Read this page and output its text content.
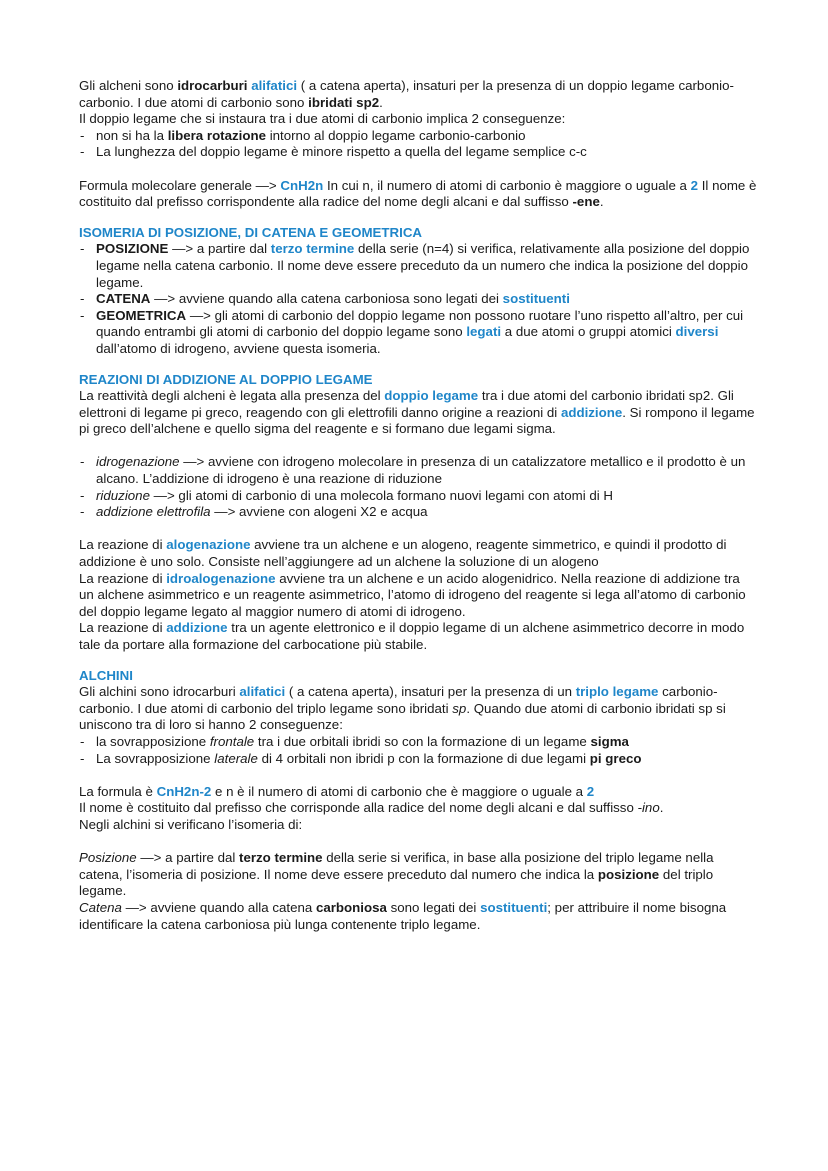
Gli alcheni sono idrocarburi alifatici ( a catena aperta), insaturi per la presenza di un doppio legame carbonio-carbonio. I due atomi di carbonio sono ibridati sp2.

Il doppio legame che si instaura tra i due atomi di carbonio implica 2 conseguenze:

- non si ha la libera rotazione intorno al doppio legame carbonio-carbonio
- La lunghezza del doppio legame è minore rispetto a quella del legame semplice c-c

Formula molecolare generale —> CnH2n In cui n, il numero di atomi di carbonio è maggiore o uguale a 2 Il nome è costituito dal prefisso corrispondente alla radice del nome degli alcani e dal suffisso -ene.

ISOMERIA DI POSIZIONE, DI CATENA E GEOMETRICA

- POSIZIONE —> a partire dal terzo termine della serie (n=4) si verifica, relativamente alla posizione del doppio legame nella catena carbonio. Il nome deve essere preceduto da un numero che indica la posizione del doppio legame.
- CATENA —> avviene quando alla catena carboniosa sono legati dei sostituenti
- GEOMETRICA —> gli atomi di carbonio del doppio legame non possono ruotare l’uno rispetto all’altro, per cui quando entrambi gli atomi di carbonio del doppio legame sono legati a due atomi o gruppi atomici diversi dall’atomo di idrogeno, avviene questa isomeria.

REAZIONI DI ADDIZIONE AL DOPPIO LEGAME

La reattività degli alcheni è legata alla presenza del doppio legame tra i due atomi del carbonio ibridati sp2. Gli elettroni di legame pi greco, reagendo con gli elettrofili danno origine a reazioni di addizione. Si rompono il legame pi greco dell’alchene e quello sigma del reagente e si formano due legami sigma.

- idrogenazione —> avviene con idrogeno molecolare in presenza di un catalizzatore metallico e il prodotto è un alcano. L’addizione di idrogeno è una reazione di riduzione
- riduzione —> gli atomi di carbonio di una molecola formano nuovi legami con atomi di H
- addizione elettrofila —> avviene con alogeni X2 e acqua

La reazione di alogenazione avviene tra un alchene e un alogeno, reagente simmetrico, e quindi il prodotto di addizione è uno solo. Consiste nell’aggiungere ad un alchene la soluzione di un alogeno

La reazione di idroalogenazione avviene tra un alchene e un acido alogenidrico. Nella reazione di addizione tra un alchene asimmetrico e un reagente asimmetrico, l’atomo di idrogeno del reagente si lega all’atomo di carbonio del doppio legame legato al maggior numero di atomi di idrogeno.

La reazione di addizione tra un agente elettronico e il doppio legame di un alchene asimmetrico decorre in modo tale da portare alla formazione del carbocatione più stabile.

ALCHINI

Gli alchini sono idrocarburi alifatici ( a catena aperta), insaturi per la presenza di un triplo legame carbonio-carbonio. I due atomi di carbonio del triplo legame sono ibridati sp. Quando due atomi di carbonio ibridati sp si uniscono tra di loro si hanno 2 conseguenze:

- la sovrapposizione frontale tra i due orbitali ibridi so con la formazione di un legame sigma
- La sovrapposizione laterale di 4 orbitali non ibridi p con la formazione di due legami pi greco

La formula è CnH2n-2 e n è il numero di atomi di carbonio che è maggiore o uguale a 2

Il nome è costituito dal prefisso che corrisponde alla radice del nome degli alcani e dal suffisso -ino.

Negli alchini si verificano l’isomeria di:

Posizione —> a partire dal terzo termine della serie si verifica, in base alla posizione del triplo legame nella catena, l’isomeria di posizione. Il nome deve essere preceduto dal numero che indica la posizione del triplo legame.

Catena —> avviene quando alla catena carboniosa sono legati dei sostituenti; per attribuire il nome bisogna identificare la catena carboniosa più lunga contenente triplo legame.
